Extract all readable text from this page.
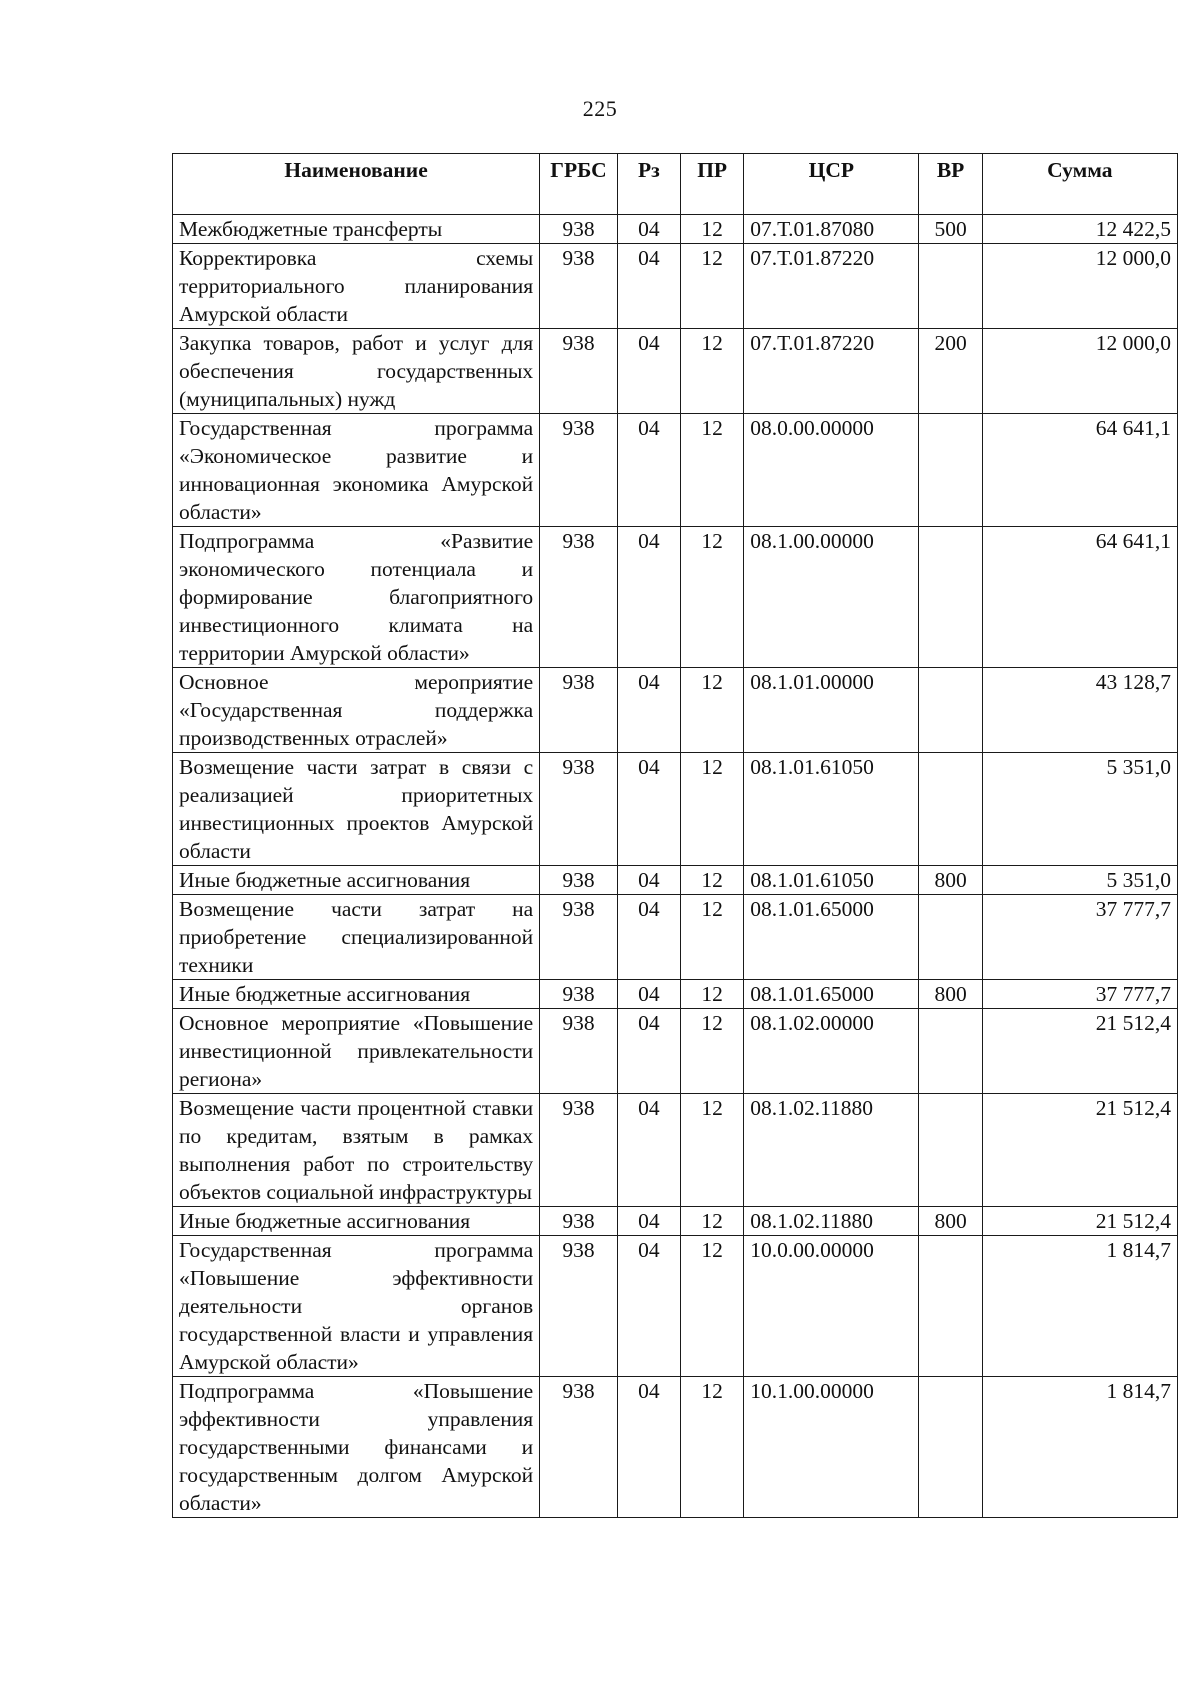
225
Наименование	ГРБС	Рз	ПР	ЦСР	ВР	Сумма
Межбюджетные трансферты	938	04	12	07.Т.01.87080	500	12 422,5
Корректировка схемы территориального планирования Амурской области	938	04	12	07.Т.01.87220		12 000,0
Закупка товаров, работ и услуг для обеспечения государственных (муниципальных) нужд	938	04	12	07.Т.01.87220	200	12 000,0
Государственная программа «Экономическое развитие и инновационная экономика Амурской области»	938	04	12	08.0.00.00000		64 641,1
Подпрограмма «Развитие экономического потенциала и формирование благоприятного инвестиционного климата на территории Амурской области»	938	04	12	08.1.00.00000		64 641,1
Основное мероприятие «Государственная поддержка производственных отраслей»	938	04	12	08.1.01.00000		43 128,7
Возмещение части затрат в связи с реализацией приоритетных инвестиционных проектов Амурской области	938	04	12	08.1.01.61050		5 351,0
Иные бюджетные ассигнования	938	04	12	08.1.01.61050	800	5 351,0
Возмещение части затрат на приобретение специализированной техники	938	04	12	08.1.01.65000		37 777,7
Иные бюджетные ассигнования	938	04	12	08.1.01.65000	800	37 777,7
Основное мероприятие «Повышение инвестиционной привлекательности региона»	938	04	12	08.1.02.00000		21 512,4
Возмещение части процентной ставки по кредитам, взятым в рамках выполнения работ по строительству объектов социальной инфраструктуры	938	04	12	08.1.02.11880		21 512,4
Иные бюджетные ассигнования	938	04	12	08.1.02.11880	800	21 512,4
Государственная программа «Повышение эффективности деятельности органов государственной власти и управления Амурской области»	938	04	12	10.0.00.00000		1 814,7
Подпрограмма «Повышение эффективности управления государственными финансами и государственным долгом Амурской области»	938	04	12	10.1.00.00000		1 814,7
